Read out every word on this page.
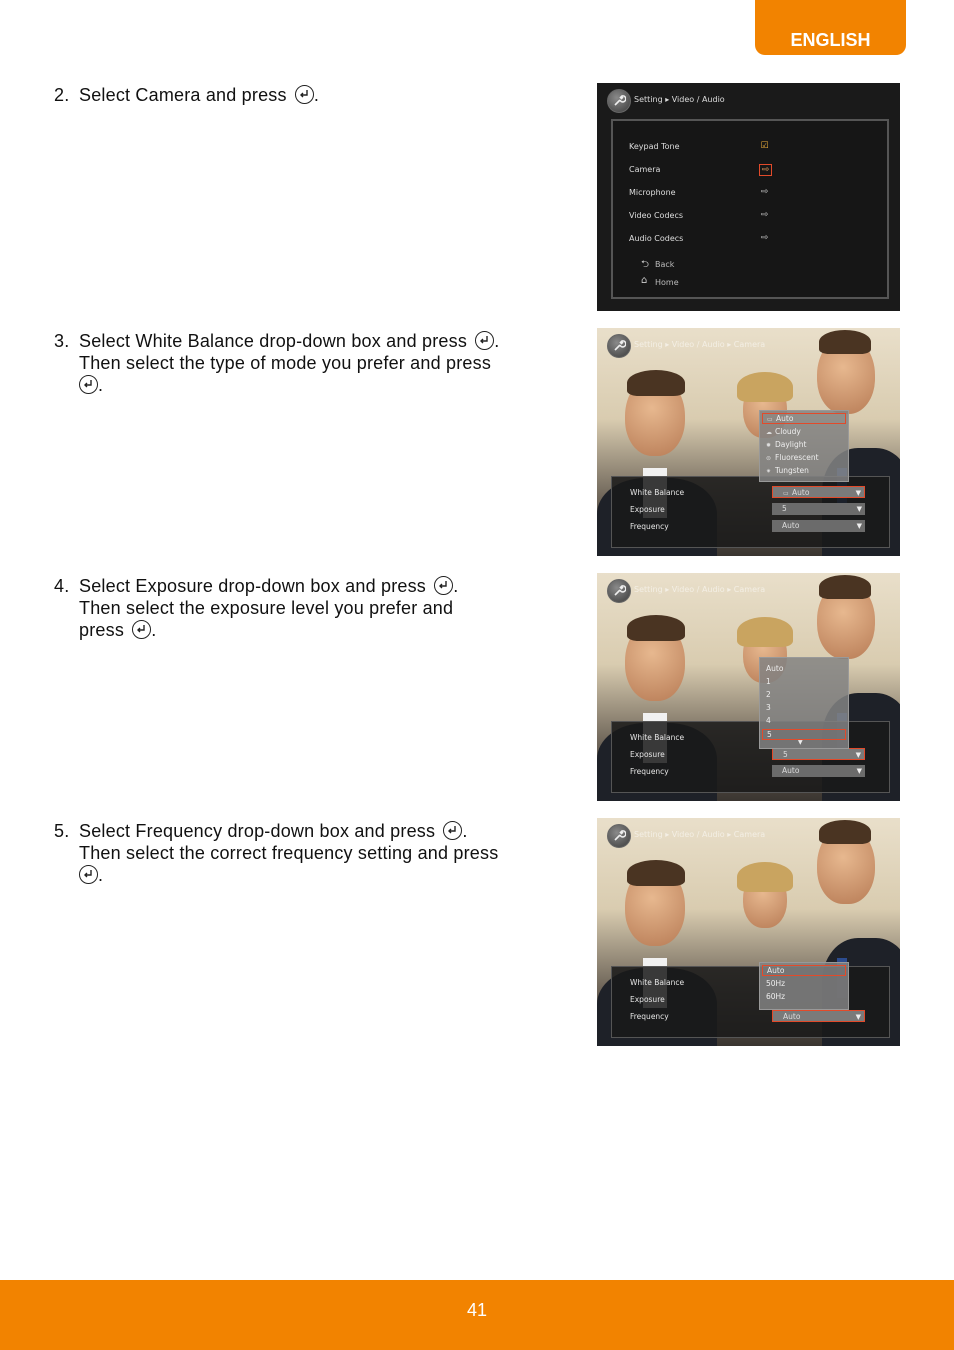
ENGLISH
2. Select Camera and press .
3. Select White Balance drop-down box and press .
Then select the type of mode you prefer and press
.
4. Select Exposure drop-down box and press .
Then select the exposure level you prefer and
press .
5. Select Frequency drop-down box and press .
Then select the correct frequency setting and press
.
Setting ▸ Video / Audio
Keypad Tone	☑
Camera	⇨
Microphone	⇨
Video Codecs	⇨
Audio Codecs	⇨
⮌ Back
⌂ Home
Setting ▸ Video / Audio ▸ Camera
White Balance	▭ Auto	▼
Exposure	5	▼
Frequency	Auto	▼
▭ Auto
☁ Cloudy
✹ Daylight
⊜ Fluorescent
✷ Tungsten
Setting ▸ Video / Audio ▸ Camera
White Balance
Exposure	5	▼
Frequency	Auto	▼
Auto
1
2
3
4
5
▼
Setting ▸ Video / Audio ▸ Camera
White Balance
Exposure
Frequency	Auto	▼
Auto
50Hz
60Hz
41
